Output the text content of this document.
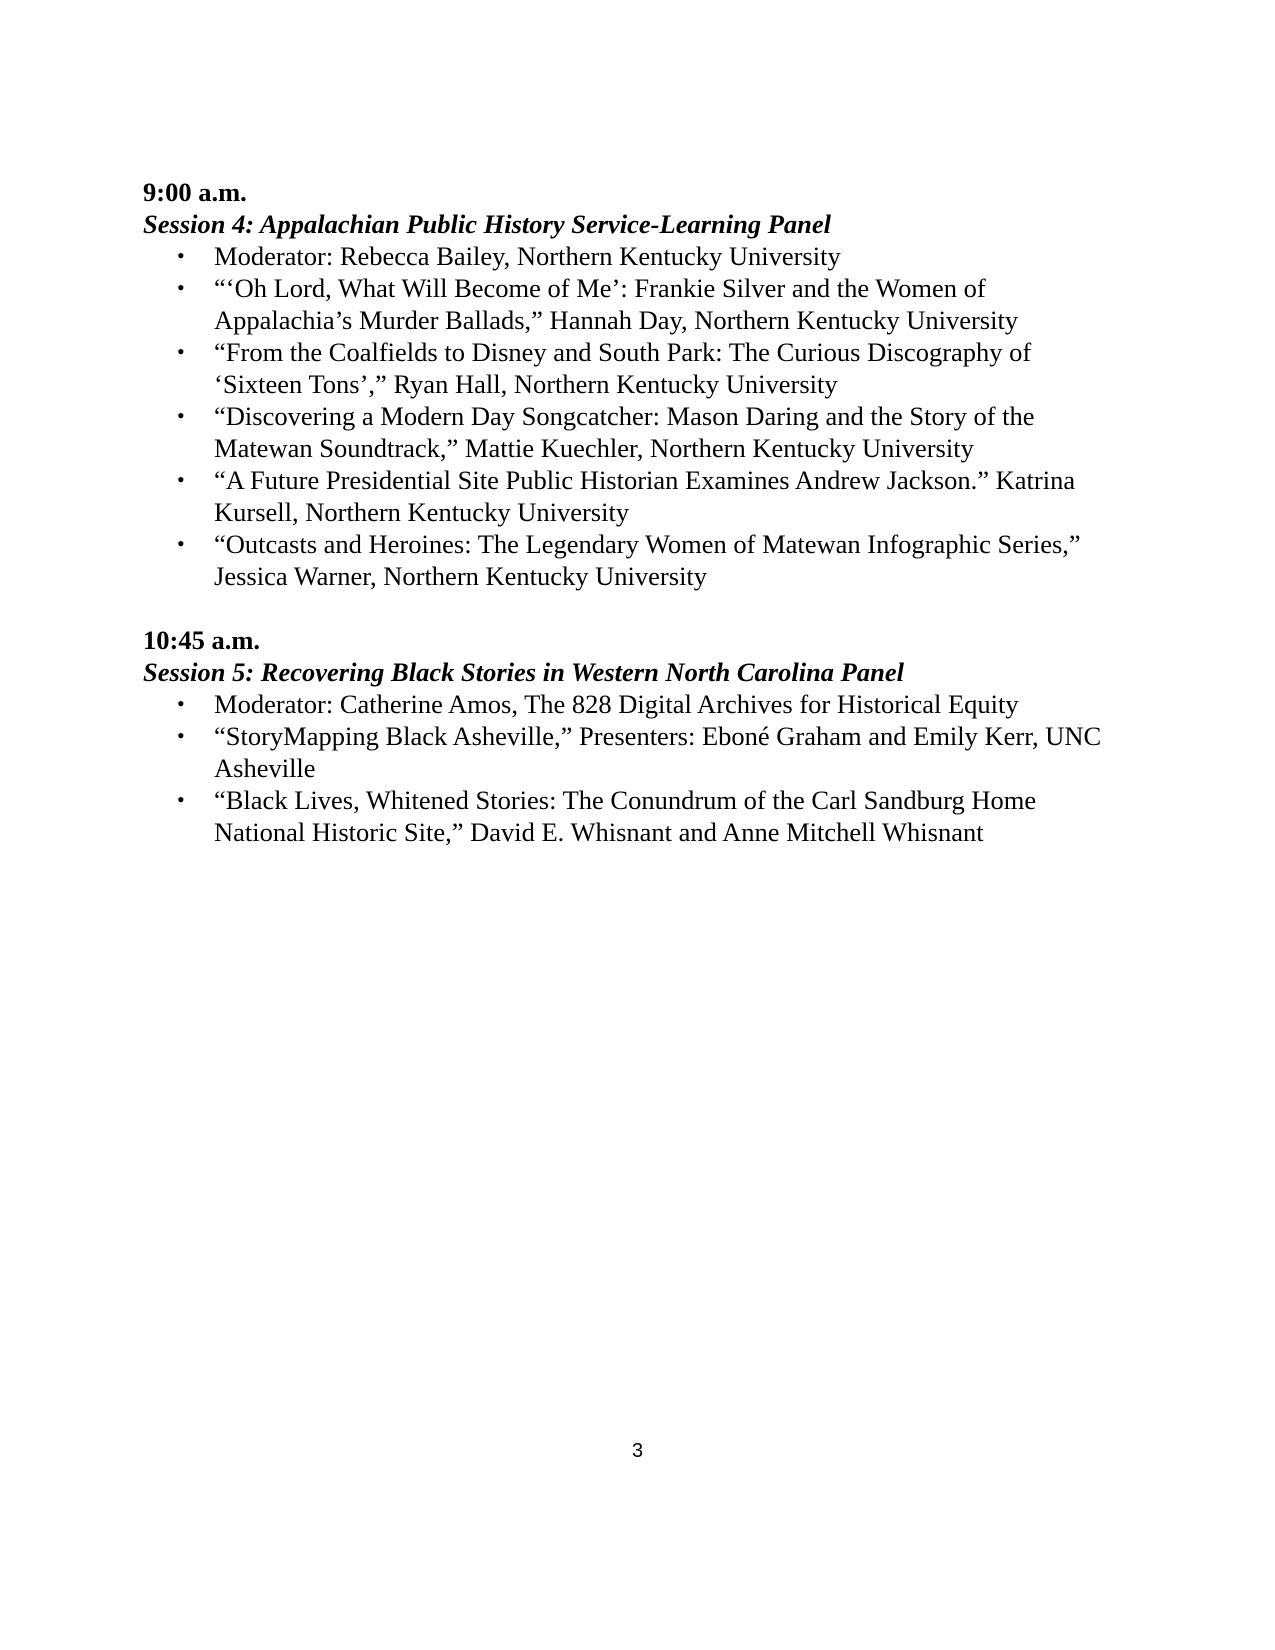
9:00 a.m.
Session 4: Appalachian Public History Service-Learning Panel
• Moderator: Rebecca Bailey, Northern Kentucky University
• “‘Oh Lord, What Will Become of Me’: Frankie Silver and the Women of Appalachia’s Murder Ballads,” Hannah Day, Northern Kentucky University
• “From the Coalfields to Disney and South Park: The Curious Discography of ‘Sixteen Tons’,” Ryan Hall, Northern Kentucky University
• “Discovering a Modern Day Songcatcher: Mason Daring and the Story of the Matewan Soundtrack,” Mattie Kuechler, Northern Kentucky University
• “A Future Presidential Site Public Historian Examines Andrew Jackson.” Katrina Kursell, Northern Kentucky University
• “Outcasts and Heroines: The Legendary Women of Matewan Infographic Series,” Jessica Warner, Northern Kentucky University
10:45 a.m.
Session 5: Recovering Black Stories in Western North Carolina Panel
• Moderator: Catherine Amos, The 828 Digital Archives for Historical Equity
• “StoryMapping Black Asheville,” Presenters: Eboné Graham and Emily Kerr, UNC Asheville
• “Black Lives, Whitened Stories: The Conundrum of the Carl Sandburg Home National Historic Site,” David E. Whisnant and Anne Mitchell Whisnant
3
